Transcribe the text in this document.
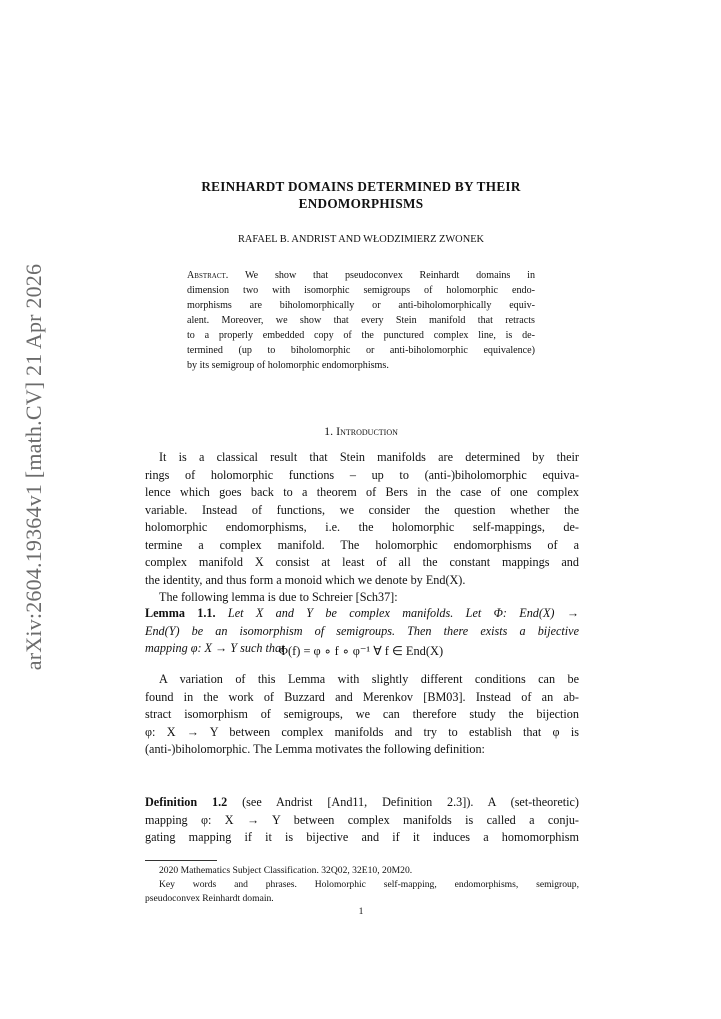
arXiv:2604.19364v1 [math.CV] 21 Apr 2026
REINHARDT DOMAINS DETERMINED BY THEIR
ENDOMORPHISMS
RAFAEL B. ANDRIST AND WŁODZIMIERZ ZWONEK
Abstract. We show that pseudoconvex Reinhardt domains in
dimension two with isomorphic semigroups of holomorphic endo-
morphisms are biholomorphically or anti-biholomorphically equiv-
alent. Moreover, we show that every Stein manifold that retracts
to a properly embedded copy of the punctured complex line, is de-
termined (up to biholomorphic or anti-biholomorphic equivalence)
by its semigroup of holomorphic endomorphisms.
1. Introduction
It is a classical result that Stein manifolds are determined by their
rings of holomorphic functions – up to (anti-)biholomorphic equiva-
lence which goes back to a theorem of Bers in the case of one complex
variable. Instead of functions, we consider the question whether the
holomorphic endomorphisms, i.e. the holomorphic self-mappings, de-
termine a complex manifold. The holomorphic endomorphisms of a
complex manifold X consist at least of all the constant mappings and
the identity, and thus form a monoid which we denote by End(X).
The following lemma is due to Schreier [Sch37]:
Lemma 1.1. Let X and Y be complex manifolds. Let Φ: End(X) →
End(Y) be an isomorphism of semigroups. Then there exists a bijective
mapping φ: X → Y such that
Φ(f) = φ ∘ f ∘ φ⁻¹ ∀ f ∈ End(X)
A variation of this Lemma with slightly different conditions can be
found in the work of Buzzard and Merenkov [BM03]. Instead of an ab-
stract isomorphism of semigroups, we can therefore study the bijection
φ: X → Y between complex manifolds and try to establish that φ is
(anti-)biholomorphic. The Lemma motivates the following definition:
Definition 1.2 (see Andrist [And11, Definition 2.3]). A (set-theoretic)
mapping φ: X → Y between complex manifolds is called a conju-
gating mapping if it is bijective and if it induces a homomorphism
2020 Mathematics Subject Classification. 32Q02, 32E10, 20M20.
Key words and phrases. Holomorphic self-mapping, endomorphisms, semigroup,
pseudoconvex Reinhardt domain.
1
